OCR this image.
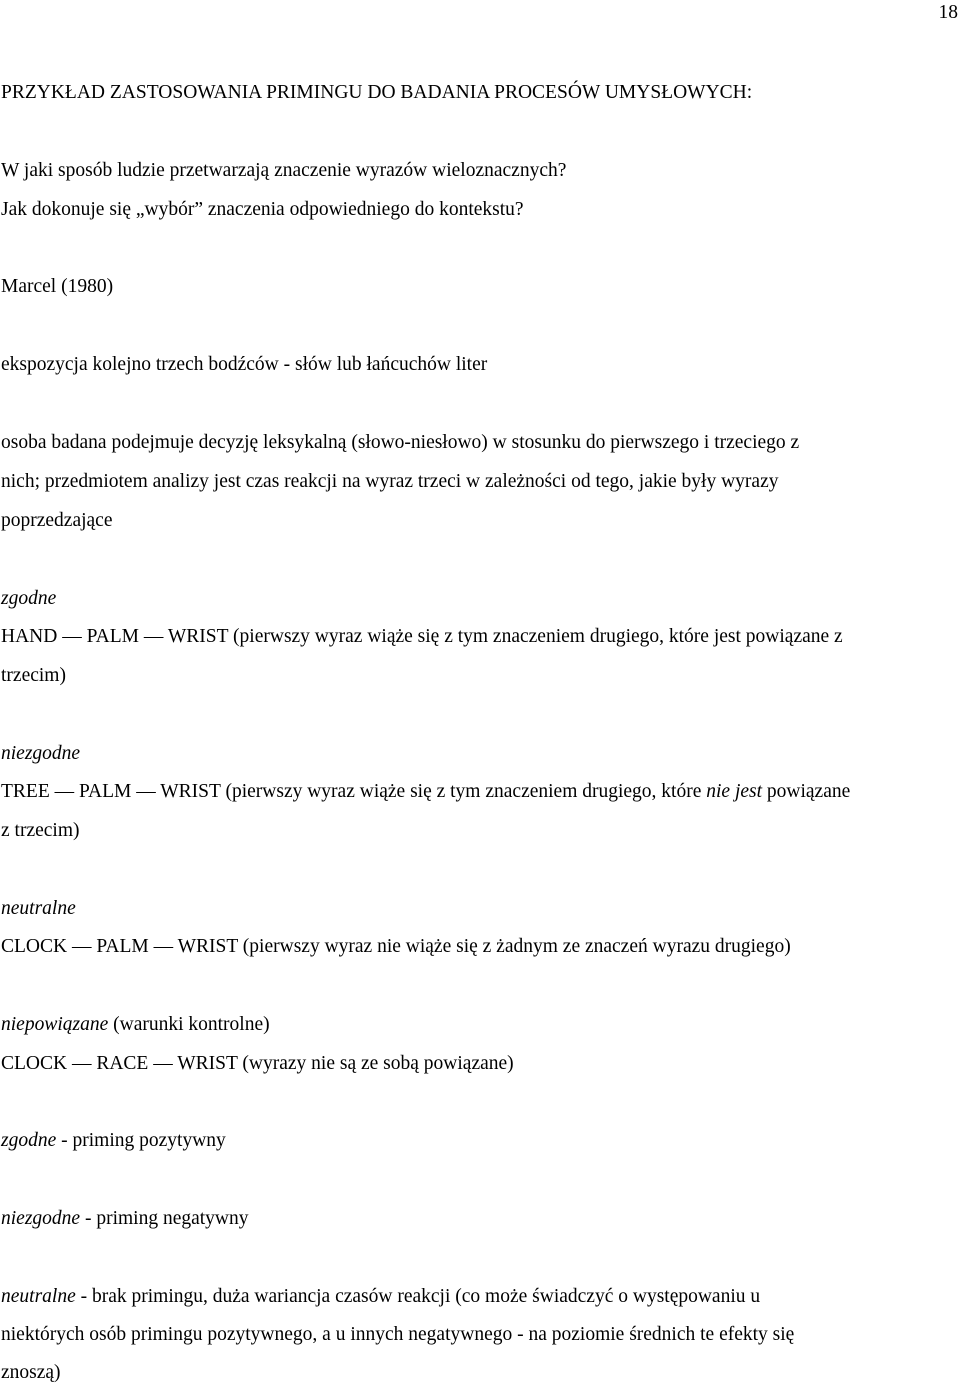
18

PRZYKŁAD ZASTOSOWANIA PRIMINGU DO BADANIA PROCESÓW UMYSŁOWYCH:

W jaki sposób ludzie przetwarzają znaczenie wyrazów wieloznacznych?

Jak dokonuje się „wybór” znaczenia odpowiedniego do kontekstu?

Marcel (1980)

ekspozycja kolejno trzech bodźców - słów lub łańcuchów liter

osoba badana podejmuje decyzję leksykalną (słowo-niesłowo) w stosunku do pierwszego i trzeciego z

nich; przedmiotem analizy jest czas reakcji na wyraz trzeci w zależności od tego, jakie były wyrazy

poprzedzające

zgodne

HAND — PALM — WRIST (pierwszy wyraz wiąże się z tym znaczeniem drugiego, które jest powiązane z

trzecim)

niezgodne

TREE — PALM — WRIST (pierwszy wyraz wiąże się z tym znaczeniem drugiego, które nie jest powiązane

z trzecim)

neutralne

CLOCK — PALM — WRIST (pierwszy wyraz nie wiąże się z żadnym ze znaczeń wyrazu drugiego)

niepowiązane (warunki kontrolne)

CLOCK — RACE — WRIST (wyrazy nie są ze sobą powiązane)

zgodne - priming pozytywny

niezgodne - priming negatywny

neutralne - brak primingu, duża wariancja czasów reakcji (co może świadczyć o występowaniu u

niektórych osób primingu pozytywnego, a u innych negatywnego - na poziomie średnich te efekty się

znoszą)
